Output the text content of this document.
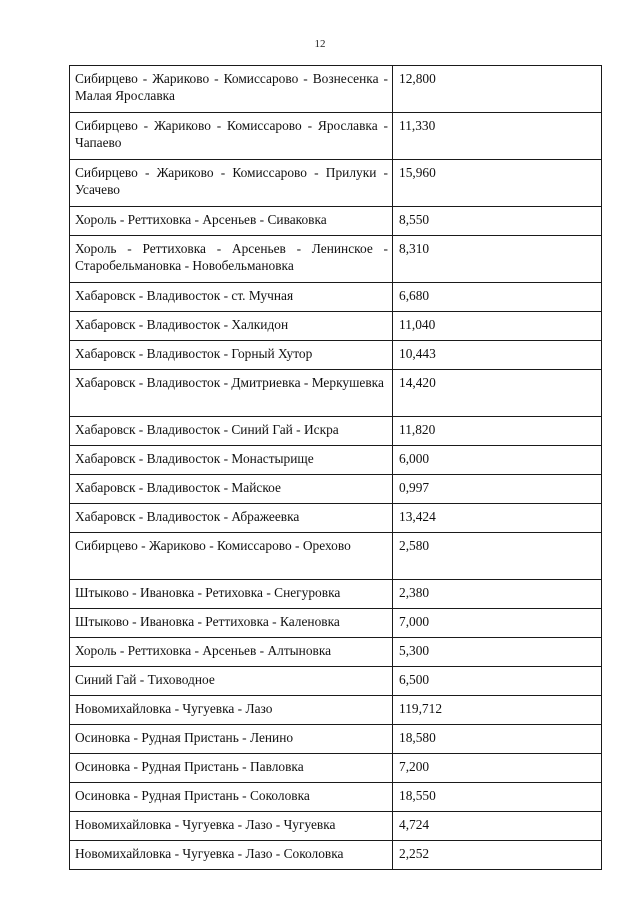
12
Сибирцево - Жариково - Комиссарово - Вознесенка - Малая Ярославка	12,800
Сибирцево - Жариково - Комиссарово - Ярославка - Чапаево	11,330
Сибирцево - Жариково - Комиссарово - Прилуки - Усачево	15,960
Хороль - Реттиховка - Арсеньев - Сиваковка	8,550
Хороль - Реттиховка - Арсеньев - Ленинское - Старобельмановка - Новобельмановка	8,310
Хабаровск - Владивосток - ст. Мучная	6,680
Хабаровск - Владивосток - Халкидон	11,040
Хабаровск - Владивосток - Горный Хутор	10,443
Хабаровск - Владивосток - Дмитриевка - Меркушевка	14,420
Хабаровск - Владивосток - Синий Гай - Искра	11,820
Хабаровск - Владивосток - Монастырище	6,000
Хабаровск - Владивосток - Майское	0,997
Хабаровск - Владивосток - Абражеевка	13,424
Сибирцево - Жариково - Комиссарово - Орехово	2,580
Штыково - Ивановка - Ретиховка - Снегуровка	2,380
Штыково - Ивановка - Реттиховка - Каленовка	7,000
Хороль - Реттиховка - Арсеньев - Алтыновка	5,300
Синий Гай - Тиховодное	6,500
Новомихайловка - Чугуевка - Лазо	119,712
Осиновка - Рудная Пристань - Ленино	18,580
Осиновка - Рудная Пристань - Павловка	7,200
Осиновка - Рудная Пристань - Соколовка	18,550
Новомихайловка - Чугуевка - Лазо - Чугуевка	4,724
Новомихайловка - Чугуевка - Лазо - Соколовка	2,252
